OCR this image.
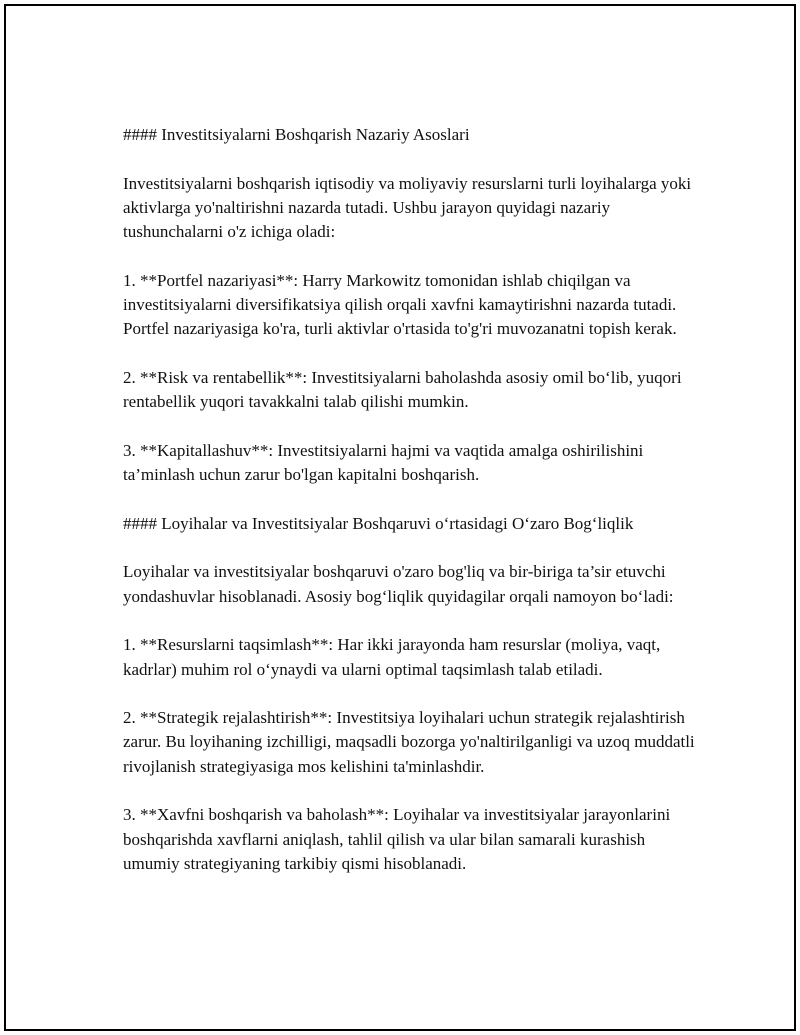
#### Investitsiyalarni Boshqarish Nazariy Asoslari

Investitsiyalarni boshqarish iqtisodiy va moliyaviy resurslarni turli loyihalarga yoki aktivlarga yo'naltirishni nazarda tutadi. Ushbu jarayon quyidagi nazariy tushunchalarni o'z ichiga oladi:

1. **Portfel nazariyasi**: Harry Markowitz tomonidan ishlab chiqilgan va investitsiyalarni diversifikatsiya qilish orqali xavfni kamaytirishni nazarda tutadi. Portfel nazariyasiga ko'ra, turli aktivlar o'rtasida to'g'ri muvozanatni topish kerak.

2. **Risk va rentabellik**: Investitsiyalarni baholashda asosiy omil bo‘lib, yuqori rentabellik yuqori tavakkalni talab qilishi mumkin.

3. **Kapitallashuv**: Investitsiyalarni hajmi va vaqtida amalga oshirilishini ta’minlash uchun zarur bo'lgan kapitalni boshqarish.

#### Loyihalar va Investitsiyalar Boshqaruvi o‘rtasidagi O‘zaro Bog‘liqlik

Loyihalar va investitsiyalar boshqaruvi o'zaro bog'liq va bir-biriga ta’sir etuvchi yondashuvlar hisoblanadi. Asosiy bog‘liqlik quyidagilar orqali namoyon bo‘ladi:

1. **Resurslarni taqsimlash**: Har ikki jarayonda ham resurslar (moliya, vaqt, kadrlar) muhim rol o‘ynaydi va ularni optimal taqsimlash talab etiladi.

2. **Strategik rejalashtirish**: Investitsiya loyihalari uchun strategik rejalashtirish zarur. Bu loyihaning izchilligi, maqsadli bozorga yo'naltirilganligi va uzoq muddatli rivojlanish strategiyasiga mos kelishini ta'minlashdir.

3. **Xavfni boshqarish va baholash**: Loyihalar va investitsiyalar jarayonlarini boshqarishda xavflarni aniqlash, tahlil qilish va ular bilan samarali kurashish umumiy strategiyaning tarkibiy qismi hisoblanadi.
